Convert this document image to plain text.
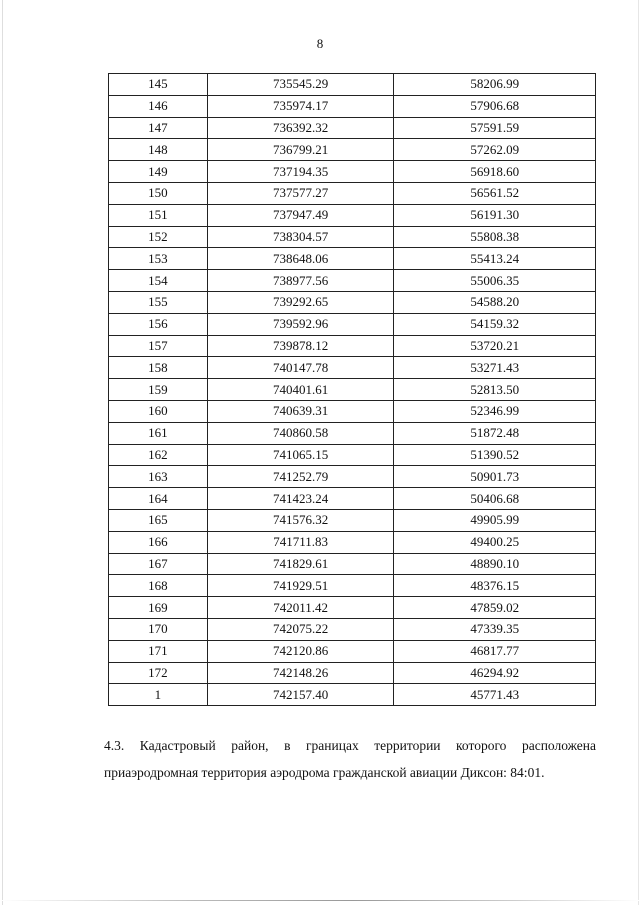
8
145	735545.29	58206.99
146	735974.17	57906.68
147	736392.32	57591.59
148	736799.21	57262.09
149	737194.35	56918.60
150	737577.27	56561.52
151	737947.49	56191.30
152	738304.57	55808.38
153	738648.06	55413.24
154	738977.56	55006.35
155	739292.65	54588.20
156	739592.96	54159.32
157	739878.12	53720.21
158	740147.78	53271.43
159	740401.61	52813.50
160	740639.31	52346.99
161	740860.58	51872.48
162	741065.15	51390.52
163	741252.79	50901.73
164	741423.24	50406.68
165	741576.32	49905.99
166	741711.83	49400.25
167	741829.61	48890.10
168	741929.51	48376.15
169	742011.42	47859.02
170	742075.22	47339.35
171	742120.86	46817.77
172	742148.26	46294.92
1	742157.40	45771.43
4.3. Кадастровый район, в границах территории которого расположена
приаэродромная территория аэродрома гражданской авиации Диксон: 84:01.
